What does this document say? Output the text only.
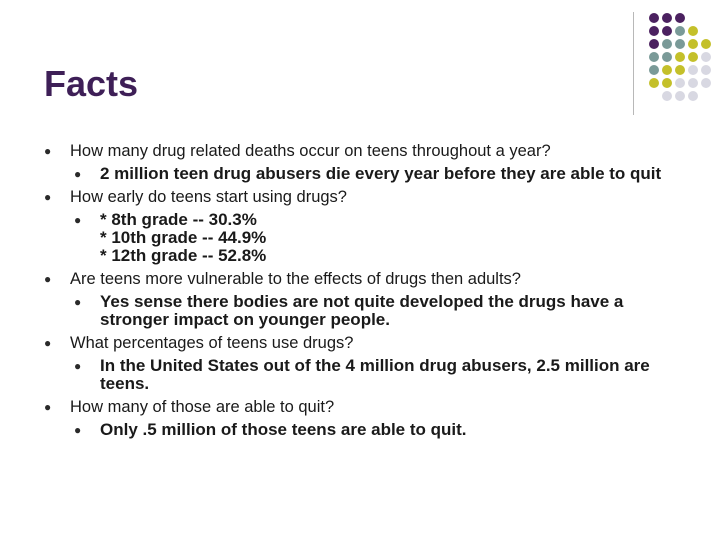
Facts
● How many drug related deaths occur on teens throughout a year?
● 2 million teen drug abusers die every year before they are able to quit
● How early do teens start using drugs?
● * 8th grade -- 30.3%
* 10th grade -- 44.9%
* 12th grade -- 52.8%
● Are teens more vulnerable to the effects of drugs then adults?
● Yes sense there bodies are not quite developed the drugs have a stronger impact on younger people.
● What percentages of teens use drugs?
● In the United States out of the 4 million drug abusers, 2.5 million are teens.
● How many of those are able to quit?
● Only .5 million of those teens are able to quit.
